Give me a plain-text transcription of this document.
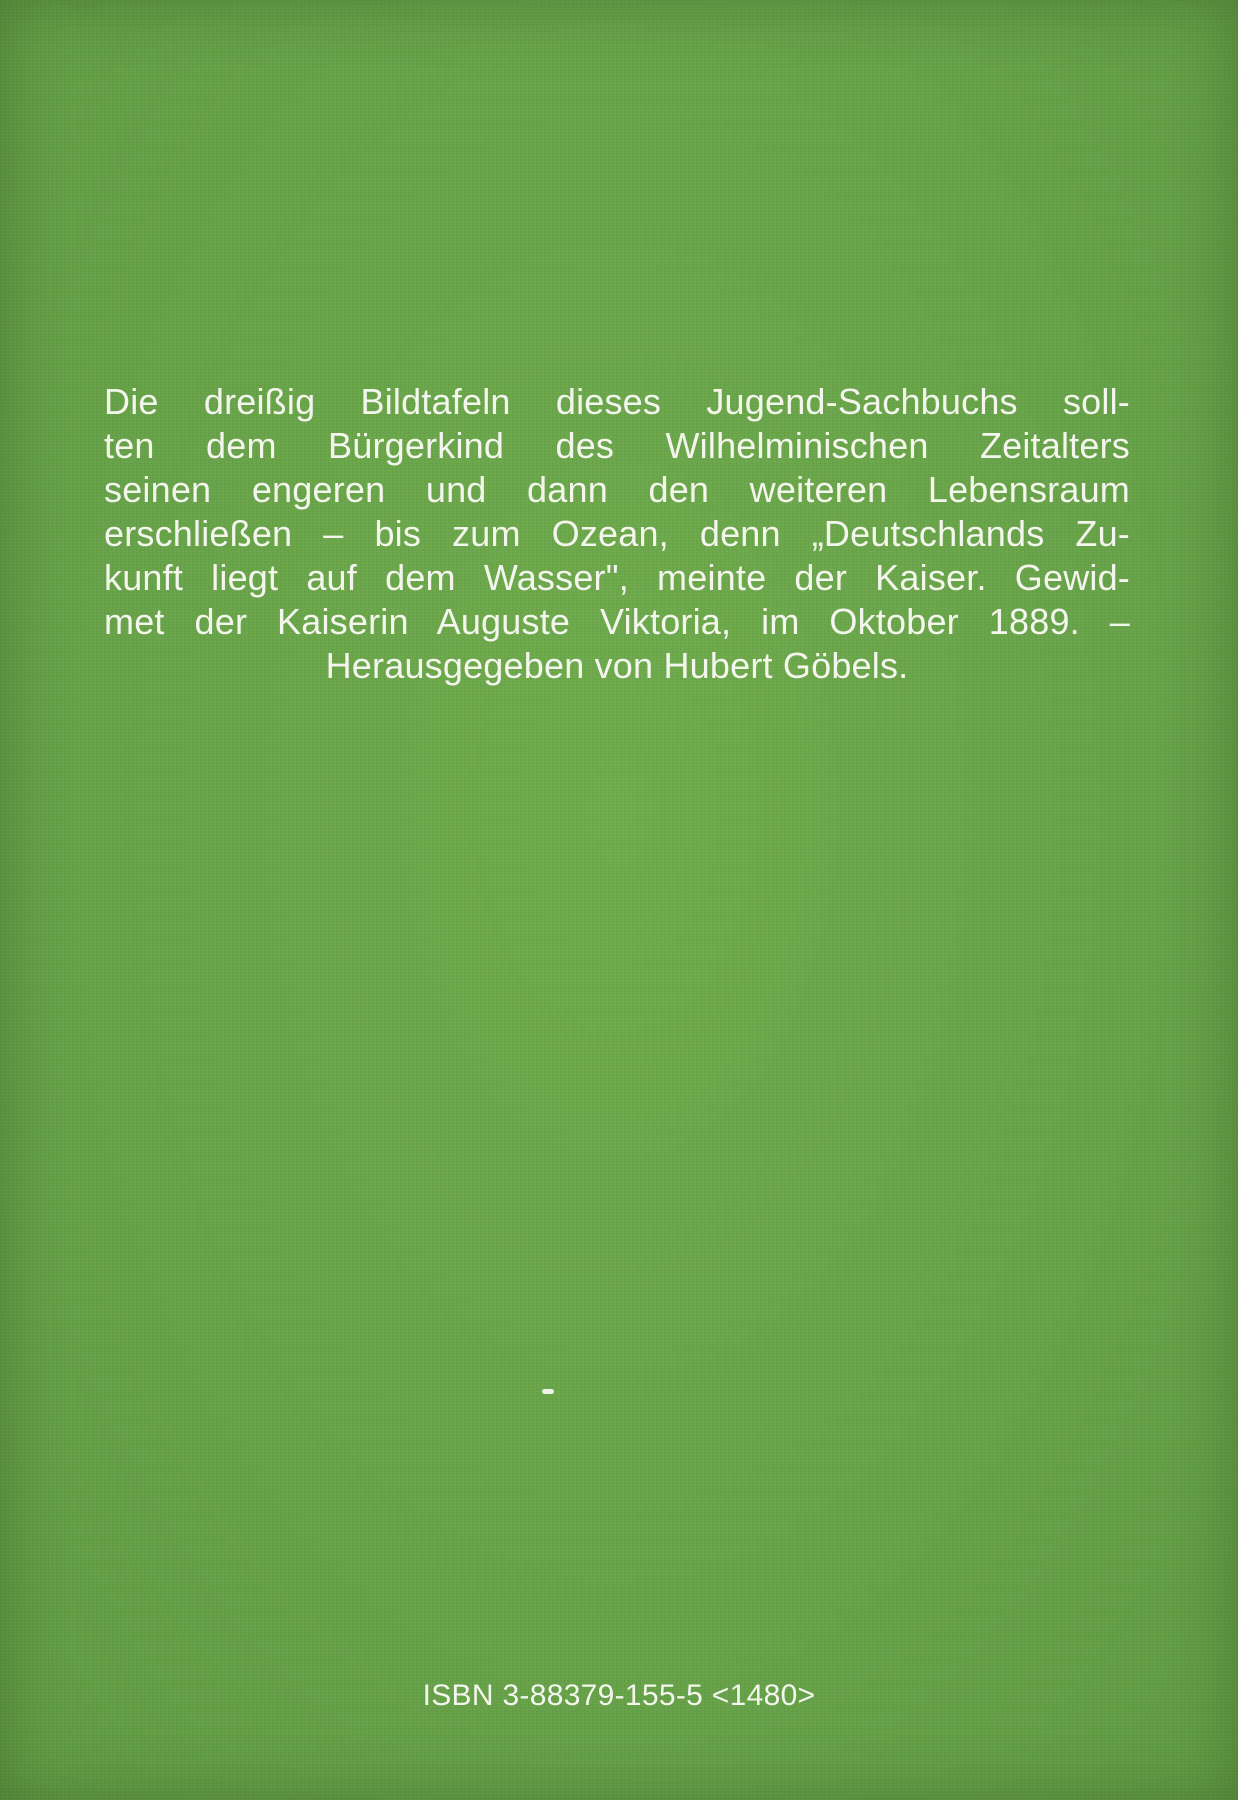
Die dreißig Bildtafeln dieses Jugend-Sachbuchs soll-
ten dem Bürgerkind des Wilhelminischen Zeitalters
seinen engeren und dann den weiteren Lebensraum
erschließen – bis zum Ozean, denn „Deutschlands Zu-
kunft liegt auf dem Wasser", meinte der Kaiser. Gewid-
met der Kaiserin Auguste Viktoria, im Oktober 1889. –
Herausgegeben von Hubert Göbels.

ISBN 3-88379-155-5 <1480>
